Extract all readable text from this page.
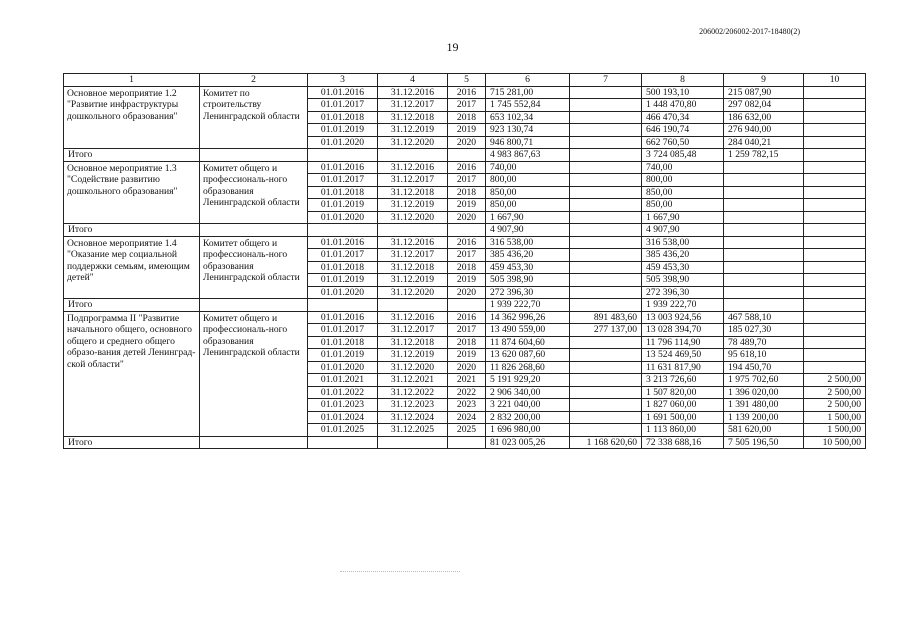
206002/206002-2017-18480(2)
19
1	2	3	4	5	6	7	8	9	10
Основное мероприятие 1.2 "Развитие инфраструктуры дошкольного образования"	Комитет по строительству Ленинградской области	01.01.2016	31.12.2016	2016	715 281,00		500 193,10	215 087,90	
		01.01.2017	31.12.2017	2017	1 745 552,84		1 448 470,80	297 082,04	
		01.01.2018	31.12.2018	2018	653 102,34		466 470,34	186 632,00	
		01.01.2019	31.12.2019	2019	923 130,74		646 190,74	276 940,00	
		01.01.2020	31.12.2020	2020	946 800,71		662 760,50	284 040,21	
Итого					4 983 867,63		3 724 085,48	1 259 782,15	
Основное мероприятие 1.3 "Содействие развитию дошкольного образования"	Комитет общего и профессиональ-ного образования Ленинградской области	01.01.2016	31.12.2016	2016	740,00		740,00		
		01.01.2017	31.12.2017	2017	800,00		800,00		
		01.01.2018	31.12.2018	2018	850,00		850,00		
		01.01.2019	31.12.2019	2019	850,00		850,00		
		01.01.2020	31.12.2020	2020	1 667,90		1 667,90		
Итого					4 907,90		4 907,90		
Основное мероприятие 1.4 "Оказание мер социальной поддержки семьям, имеющим детей"	Комитет общего и профессиональ-ного образования Ленинградской области	01.01.2016	31.12.2016	2016	316 538,00		316 538,00		
		01.01.2017	31.12.2017	2017	385 436,20		385 436,20		
		01.01.2018	31.12.2018	2018	459 453,30		459 453,30		
		01.01.2019	31.12.2019	2019	505 398,90		505 398,90		
		01.01.2020	31.12.2020	2020	272 396,30		272 396,30		
Итого					1 939 222,70		1 939 222,70		
Подпрограмма II "Развитие начального общего, основного общего и среднего общего образо-вания детей Ленинград-ской области"	Комитет общего и профессиональ-ного образования Ленинградской области	01.01.2016	31.12.2016	2016	14 362 996,26	891 483,60	13 003 924,56	467 588,10	
		01.01.2017	31.12.2017	2017	13 490 559,00	277 137,00	13 028 394,70	185 027,30	
		01.01.2018	31.12.2018	2018	11 874 604,60		11 796 114,90	78 489,70	
		01.01.2019	31.12.2019	2019	13 620 087,60		13 524 469,50	95 618,10	
		01.01.2020	31.12.2020	2020	11 826 268,60		11 631 817,90	194 450,70	
		01.01.2021	31.12.2021	2021	5 191 929,20		3 213 726,60	1 975 702,60	2 500,00
		01.01.2022	31.12.2022	2022	2 906 340,00		1 507 820,00	1 396 020,00	2 500,00
		01.01.2023	31.12.2023	2023	3 221 040,00		1 827 060,00	1 391 480,00	2 500,00
		01.01.2024	31.12.2024	2024	2 832 200,00		1 691 500,00	1 139 200,00	1 500,00
		01.01.2025	31.12.2025	2025	1 696 980,00		1 113 860,00	581 620,00	1 500,00
Итого					81 023 005,26	1 168 620,60	72 338 688,16	7 505 196,50	10 500,00
